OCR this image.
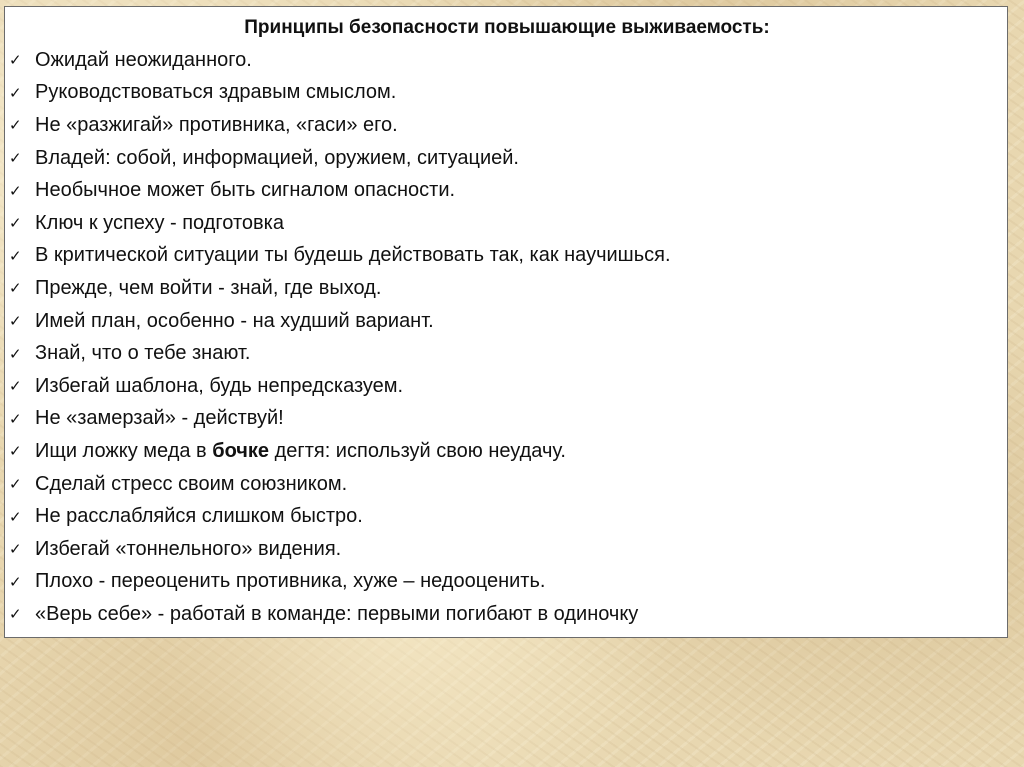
Принципы безопасности повышающие выживаемость:
✓ Ожидай неожиданного.
✓ Руководствоваться здравым смыслом.
✓ Не «разжигай» противника, «гаси» его.
✓ Владей: собой, информацией, оружием, ситуацией.
✓ Необычное может быть сигналом опасности.
✓ Ключ к успеху - подготовка
✓ В критической ситуации ты будешь действовать так, как научишься.
✓ Прежде, чем войти - знай, где выход.
✓ Имей план, особенно - на худший вариант.
✓ Знай, что о тебе знают.
✓ Избегай шаблона, будь непредсказуем.
✓ Не «замерзай» - действуй!
✓ Ищи ложку меда в бочке дегтя: используй свою неудачу.
✓ Сделай стресс своим союзником.
✓ Не расслабляйся слишком быстро.
✓ Избегай «тоннельного» видения.
✓ Плохо - переоценить противника, хуже – недооценить.
✓ «Верь себе» - работай в команде: первыми погибают в одиночку
